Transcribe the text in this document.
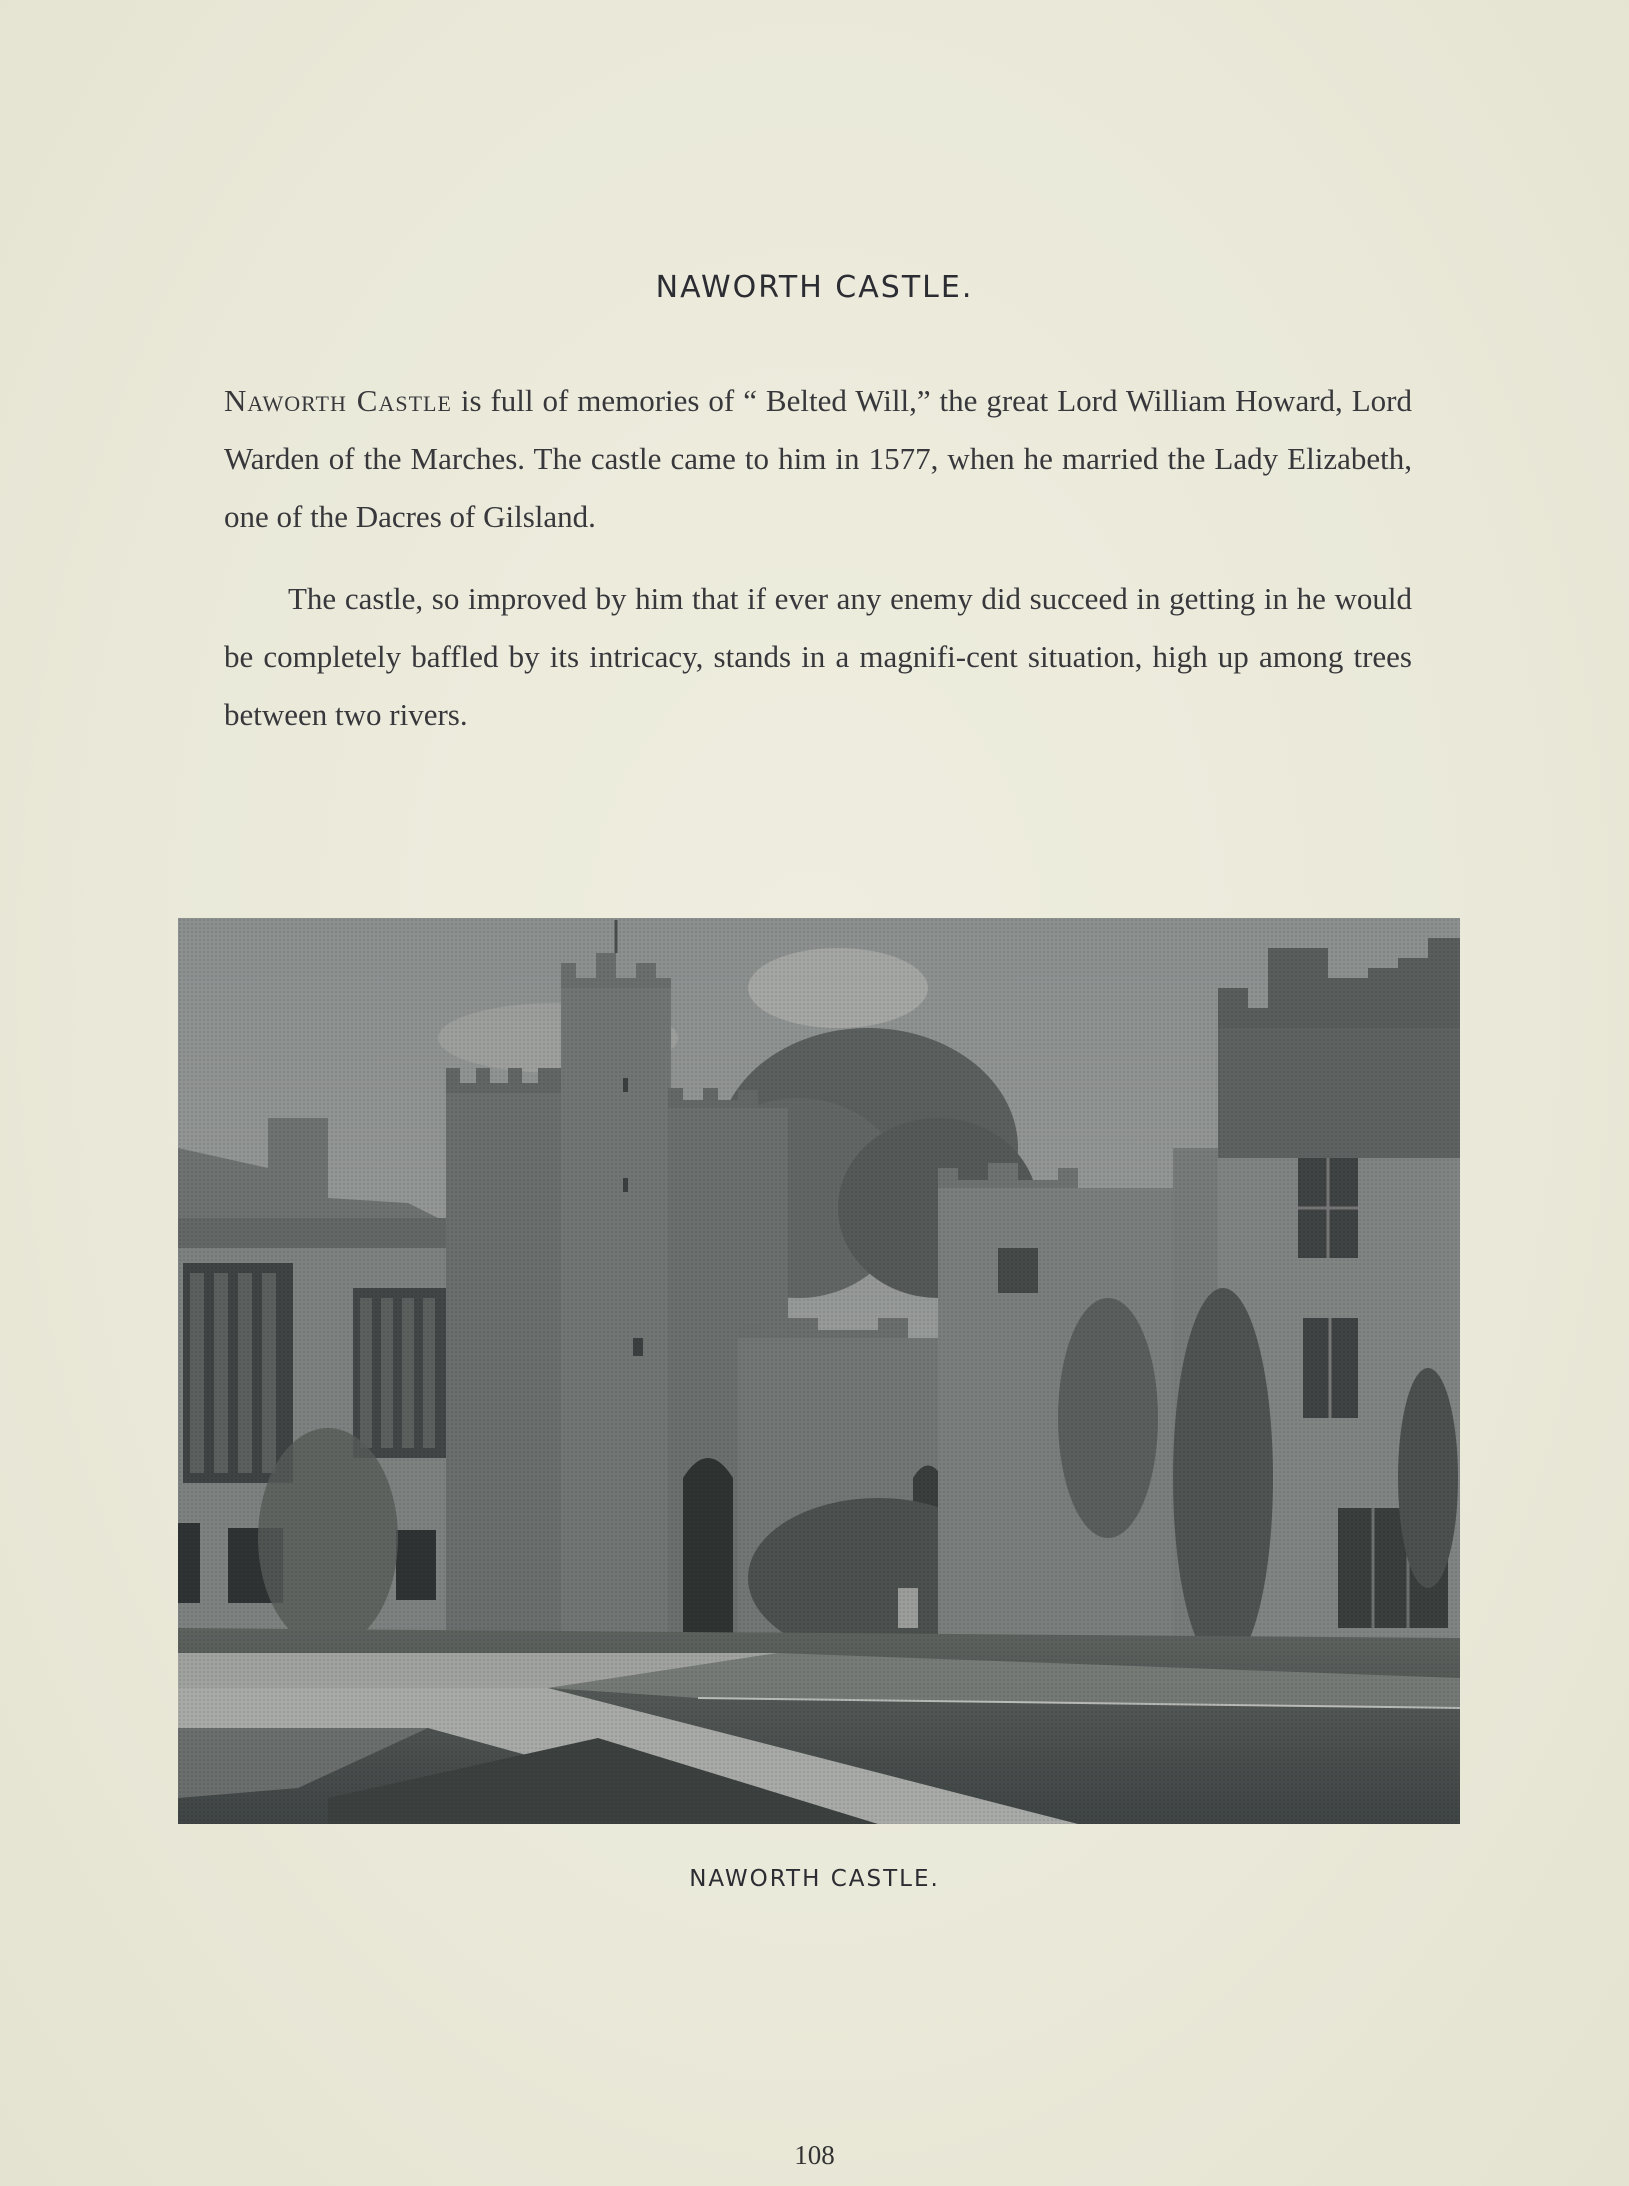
NAWORTH CASTLE.

Naworth Castle is full of memories of “ Belted Will,” the great Lord William Howard, Lord Warden of the Marches. The castle came to him in 1577, when he married the Lady Elizabeth, one of the Dacres of Gilsland.

The castle, so improved by him that if ever any enemy did succeed in getting in he would be completely baffled by its intricacy, stands in a magnifi-cent situation, high up among trees between two rivers.

NAWORTH CASTLE.
108
